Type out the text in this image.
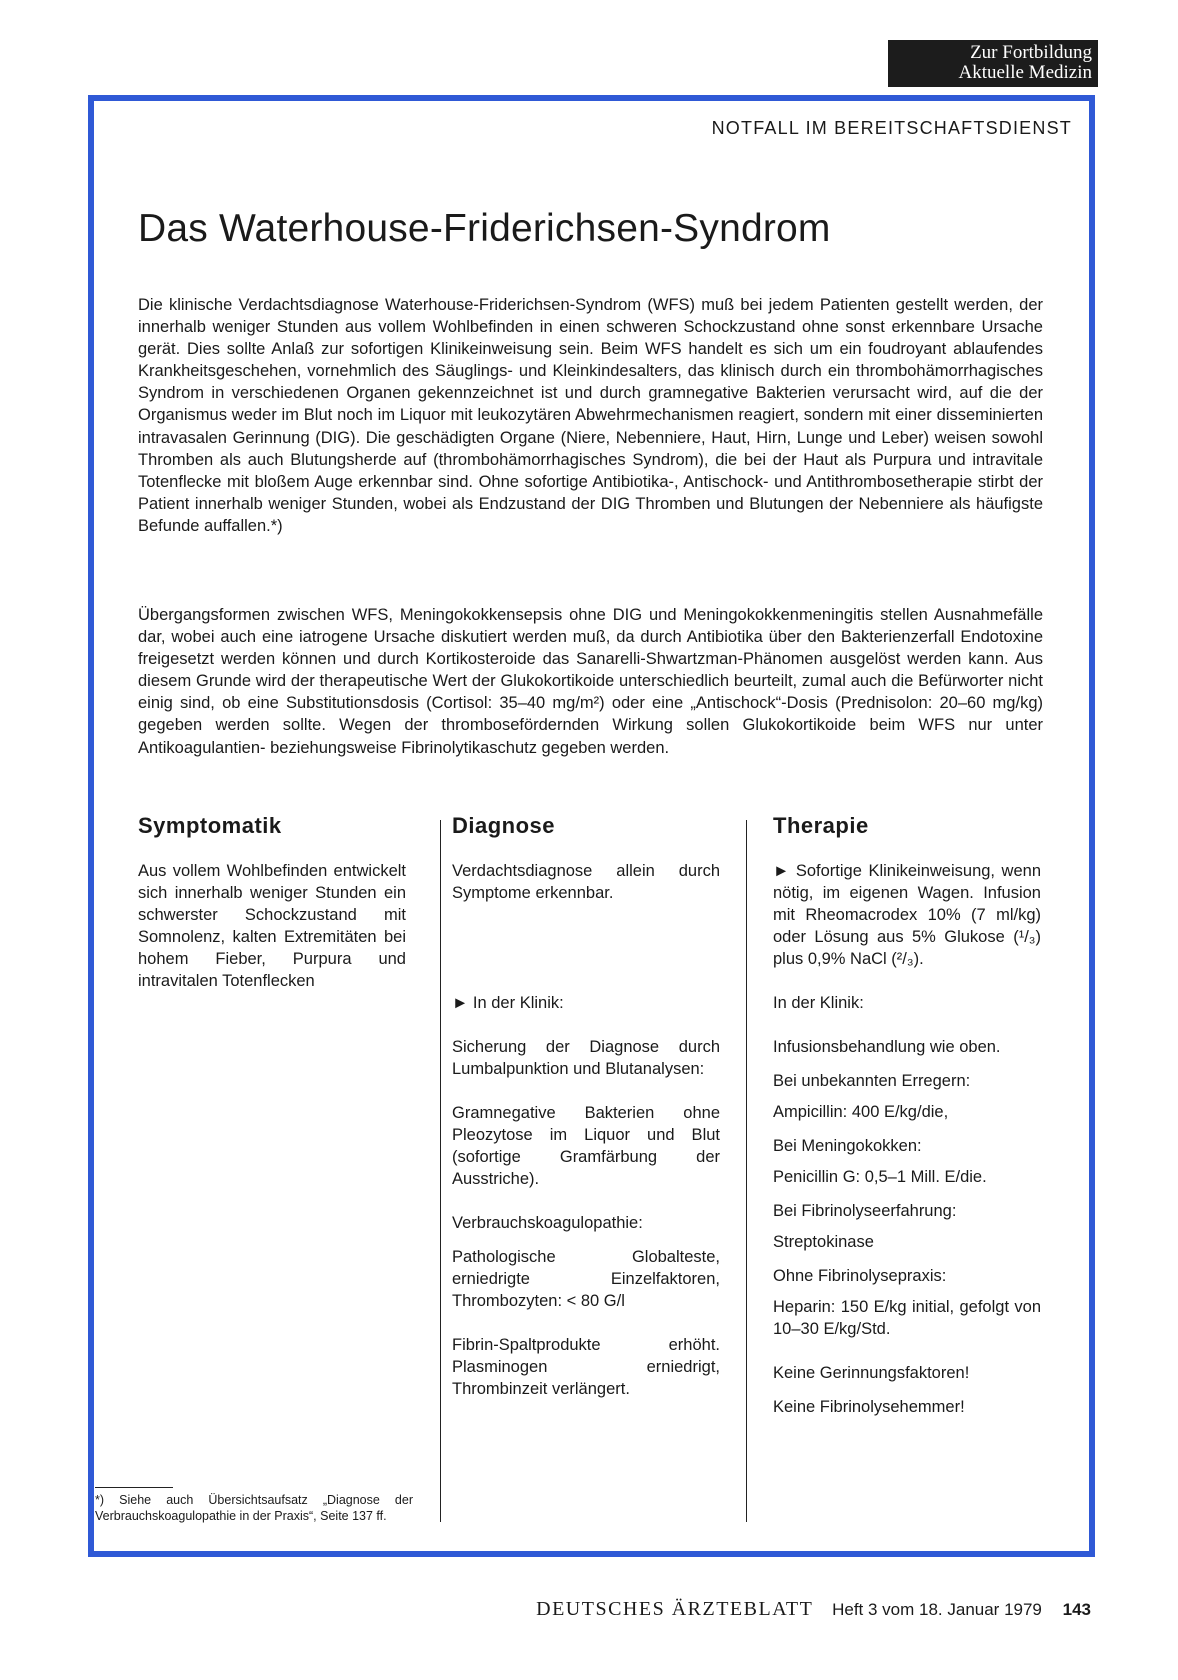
Zur Fortbildung
Aktuelle Medizin
NOTFALL IM BEREITSCHAFTSDIENST
Das Waterhouse-Friderichsen-Syndrom

Die klinische Verdachtsdiagnose Waterhouse-Friderichsen-Syndrom (WFS) muß bei jedem Patienten gestellt werden, der innerhalb weniger Stunden aus vollem Wohlbefinden in einen schweren Schockzustand ohne sonst erkennbare Ursache gerät. Dies sollte Anlaß zur sofortigen Klinikeinweisung sein. Beim WFS handelt es sich um ein foudroyant ablaufendes Krankheitsgeschehen, vornehmlich des Säuglings- und Kleinkindesalters, das klinisch durch ein thrombohämorrhagisches Syndrom in verschiedenen Organen gekennzeichnet ist und durch gramnegative Bakterien verursacht wird, auf die der Organismus weder im Blut noch im Liquor mit leukozytären Abwehrmechanismen reagiert, sondern mit einer disseminierten intravasalen Gerinnung (DIG). Die geschädigten Organe (Niere, Nebenniere, Haut, Hirn, Lunge und Leber) weisen sowohl Thromben als auch Blutungsherde auf (thrombohämorrhagisches Syndrom), die bei der Haut als Purpura und intravitale Totenflecke mit bloßem Auge erkennbar sind. Ohne sofortige Antibiotika-, Antischock- und Antithrombosetherapie stirbt der Patient innerhalb weniger Stunden, wobei als Endzustand der DIG Thromben und Blutungen der Nebenniere als häufigste Befunde auffallen.*)

Übergangsformen zwischen WFS, Meningokokkensepsis ohne DIG und Meningokokkenmeningitis stellen Ausnahmefälle dar, wobei auch eine iatrogene Ursache diskutiert werden muß, da durch Antibiotika über den Bakterienzerfall Endotoxine freigesetzt werden können und durch Kortikosteroide das Sanarelli-Shwartzman-Phänomen ausgelöst werden kann. Aus diesem Grunde wird der therapeutische Wert der Glukokortikoide unterschiedlich beurteilt, zumal auch die Befürworter nicht einig sind, ob eine Substitutionsdosis (Cortisol: 35–40 mg/m²) oder eine „Antischock“-Dosis (Prednisolon: 20–60 mg/kg) gegeben werden sollte. Wegen der thrombosefördernden Wirkung sollen Glukokortikoide beim WFS nur unter Antikoagulantien- beziehungsweise Fibrinolytikaschutz gegeben werden.

Symptomatik

Aus vollem Wohlbefinden entwickelt sich innerhalb weniger Stunden ein schwerster Schockzustand mit Somnolenz, kalten Extremitäten bei hohem Fieber, Purpura und intravitalen Totenflecken

Diagnose

Verdachtsdiagnose allein durch Symptome erkennbar.

► In der Klinik:

Sicherung der Diagnose durch Lumbalpunktion und Blutanalysen:

Gramnegative Bakterien ohne Pleozytose im Liquor und Blut (sofortige Gramfärbung der Ausstriche).

Verbrauchskoagulopathie:

Pathologische Globalteste, erniedrigte Einzelfaktoren, Thrombozyten: < 80 G/l

Fibrin-Spaltprodukte erhöht. Plasminogen erniedrigt, Thrombinzeit verlängert.

Therapie

► Sofortige Klinikeinweisung, wenn nötig, im eigenen Wagen. Infusion mit Rheomacrodex 10% (7 ml/kg) oder Lösung aus 5% Glukose (¹/₃) plus 0,9% NaCl (²/₃).

In der Klinik:

Infusionsbehandlung wie oben.

Bei unbekannten Erregern:

Ampicillin: 400 E/kg/die,

Bei Meningokokken:

Penicillin G: 0,5–1 Mill. E/die.

Bei Fibrinolyseerfahrung:

Streptokinase

Ohne Fibrinolysepraxis:

Heparin: 150 E/kg initial, gefolgt von 10–30 E/kg/Std.

Keine Gerinnungsfaktoren!

Keine Fibrinolysehemmer!

*) Siehe auch Übersichtsaufsatz „Diagnose der Verbrauchskoagulopathie in der Praxis“, Seite 137 ff.

DEUTSCHES ÄRZTEBLATT Heft 3 vom 18. Januar 1979 143
